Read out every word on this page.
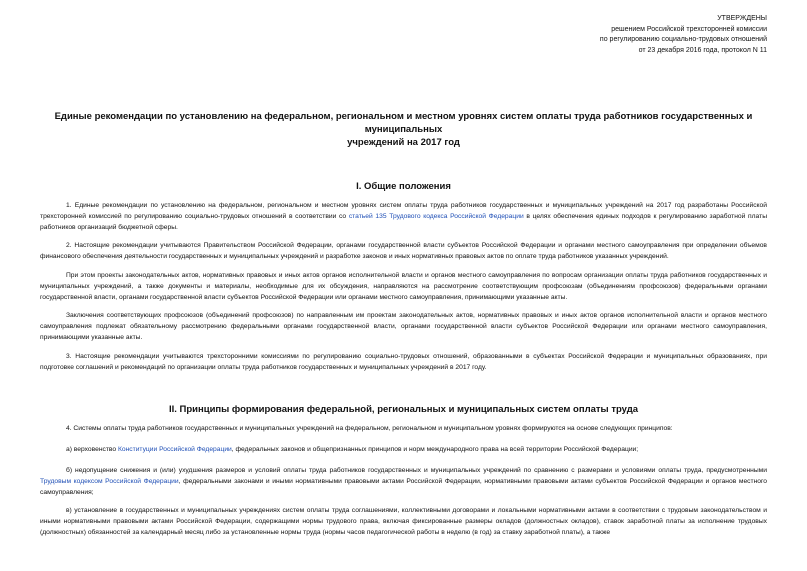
УТВЕРЖДЕНЫ
решением Российской трехсторонней комиссии
по регулированию социально-трудовых отношений
от 23 декабря 2016 года, протокол N 11
Единые рекомендации по установлению на федеральном, региональном и местном уровнях систем оплаты труда работников государственных и муниципальных
учреждений на 2017 год
I. Общие положения
1. Единые рекомендации по установлению на федеральном, региональном и местном уровнях систем оплаты труда работников государственных и муниципальных учреждений на 2017 год разработаны Российской трехсторонней комиссией по регулированию социально-трудовых отношений в соответствии со статьей 135 Трудового кодекса Российской Федерации в целях обеспечения единых подходов к регулированию заработной платы работников организаций бюджетной сферы.
2. Настоящие рекомендации учитываются Правительством Российской Федерации, органами государственной власти субъектов Российской Федерации и органами местного самоуправления при определении объемов финансового обеспечения деятельности государственных и муниципальных учреждений и разработке законов и иных нормативных правовых актов по оплате труда работников указанных учреждений.
При этом проекты законодательных актов, нормативных правовых и иных актов органов исполнительной власти и органов местного самоуправления по вопросам организации оплаты труда работников государственных и муниципальных учреждений, а также документы и материалы, необходимые для их обсуждения, направляются на рассмотрение соответствующим профсоюзам (объединениям профсоюзов) федеральными органами государственной власти, органами государственной власти субъектов Российской Федерации или органами местного самоуправления, принимающими указанные акты.
Заключения соответствующих профсоюзов (объединений профсоюзов) по направленным им проектам законодательных актов, нормативных правовых и иных актов органов исполнительной власти и органов местного самоуправления подлежат обязательному рассмотрению федеральными органами государственной власти, органами государственной власти субъектов Российской Федерации или органами местного самоуправления, принимающими указанные акты.
3. Настоящие рекомендации учитываются трехсторонними комиссиями по регулированию социально-трудовых отношений, образованными в субъектах Российской Федерации и муниципальных образованиях, при подготовке соглашений и рекомендаций по организации оплаты труда работников государственных и муниципальных учреждений в 2017 году.
II. Принципы формирования федеральной, региональных и муниципальных систем оплаты труда
4. Системы оплаты труда работников государственных и муниципальных учреждений на федеральном, региональном и муниципальном уровнях формируются на основе следующих принципов:
а) верховенство Конституции Российской Федерации, федеральных законов и общепризнанных принципов и норм международного права на всей территории Российской Федерации;
б) недопущение снижения и (или) ухудшения размеров и условий оплаты труда работников государственных и муниципальных учреждений по сравнению с размерами и условиями оплаты труда, предусмотренными Трудовым кодексом Российской Федерации, федеральными законами и иными нормативными правовыми актами Российской Федерации, нормативными правовыми актами субъектов Российской Федерации и органов местного самоуправления;
в) установление в государственных и муниципальных учреждениях систем оплаты труда соглашениями, коллективными договорами и локальными нормативными актами в соответствии с трудовым законодательством и иными нормативными правовыми актами Российской Федерации, содержащими нормы трудового права, включая фиксированные размеры окладов (должностных окладов), ставок заработной платы за исполнение трудовых (должностных) обязанностей за календарный месяц либо за установленные нормы труда (нормы часов педагогической работы в неделю (в год) за ставку заработной платы), а также
